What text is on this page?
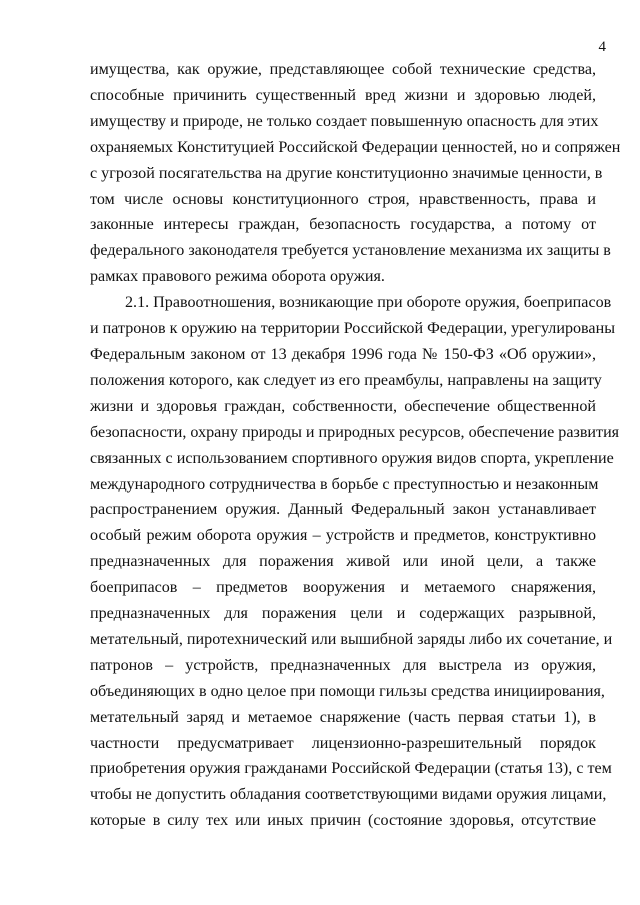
4
имущества, как оружие, представляющее собой технические средства,
способные причинить существенный вред жизни и здоровью людей,
имуществу и природе, не только создает повышенную опасность для этих
охраняемых Конституцией Российской Федерации ценностей, но и сопряжен
с угрозой посягательства на другие конституционно значимые ценности, в
том числе основы конституционного строя, нравственность, права и
законные интересы граждан, безопасность государства, а потому от
федерального законодателя требуется установление механизма их защиты в
рамках правового режима оборота оружия.
2.1. Правоотношения, возникающие при обороте оружия, боеприпасов
и патронов к оружию на территории Российской Федерации, урегулированы
Федеральным законом от 13 декабря 1996 года № 150-ФЗ «Об оружии»,
положения которого, как следует из его преамбулы, направлены на защиту
жизни и здоровья граждан, собственности, обеспечение общественной
безопасности, охрану природы и природных ресурсов, обеспечение развития
связанных с использованием спортивного оружия видов спорта, укрепление
международного сотрудничества в борьбе с преступностью и незаконным
распространением оружия. Данный Федеральный закон устанавливает
особый режим оборота оружия – устройств и предметов, конструктивно
предназначенных для поражения живой или иной цели, а также
боеприпасов – предметов вооружения и метаемого снаряжения,
предназначенных для поражения цели и содержащих разрывной,
метательный, пиротехнический или вышибной заряды либо их сочетание, и
патронов – устройств, предназначенных для выстрела из оружия,
объединяющих в одно целое при помощи гильзы средства инициирования,
метательный заряд и метаемое снаряжение (часть первая статьи 1), в
частности предусматривает лицензионно-разрешительный порядок
приобретения оружия гражданами Российской Федерации (статья 13), с тем
чтобы не допустить обладания соответствующими видами оружия лицами,
которые в силу тех или иных причин (состояние здоровья, отсутствие
